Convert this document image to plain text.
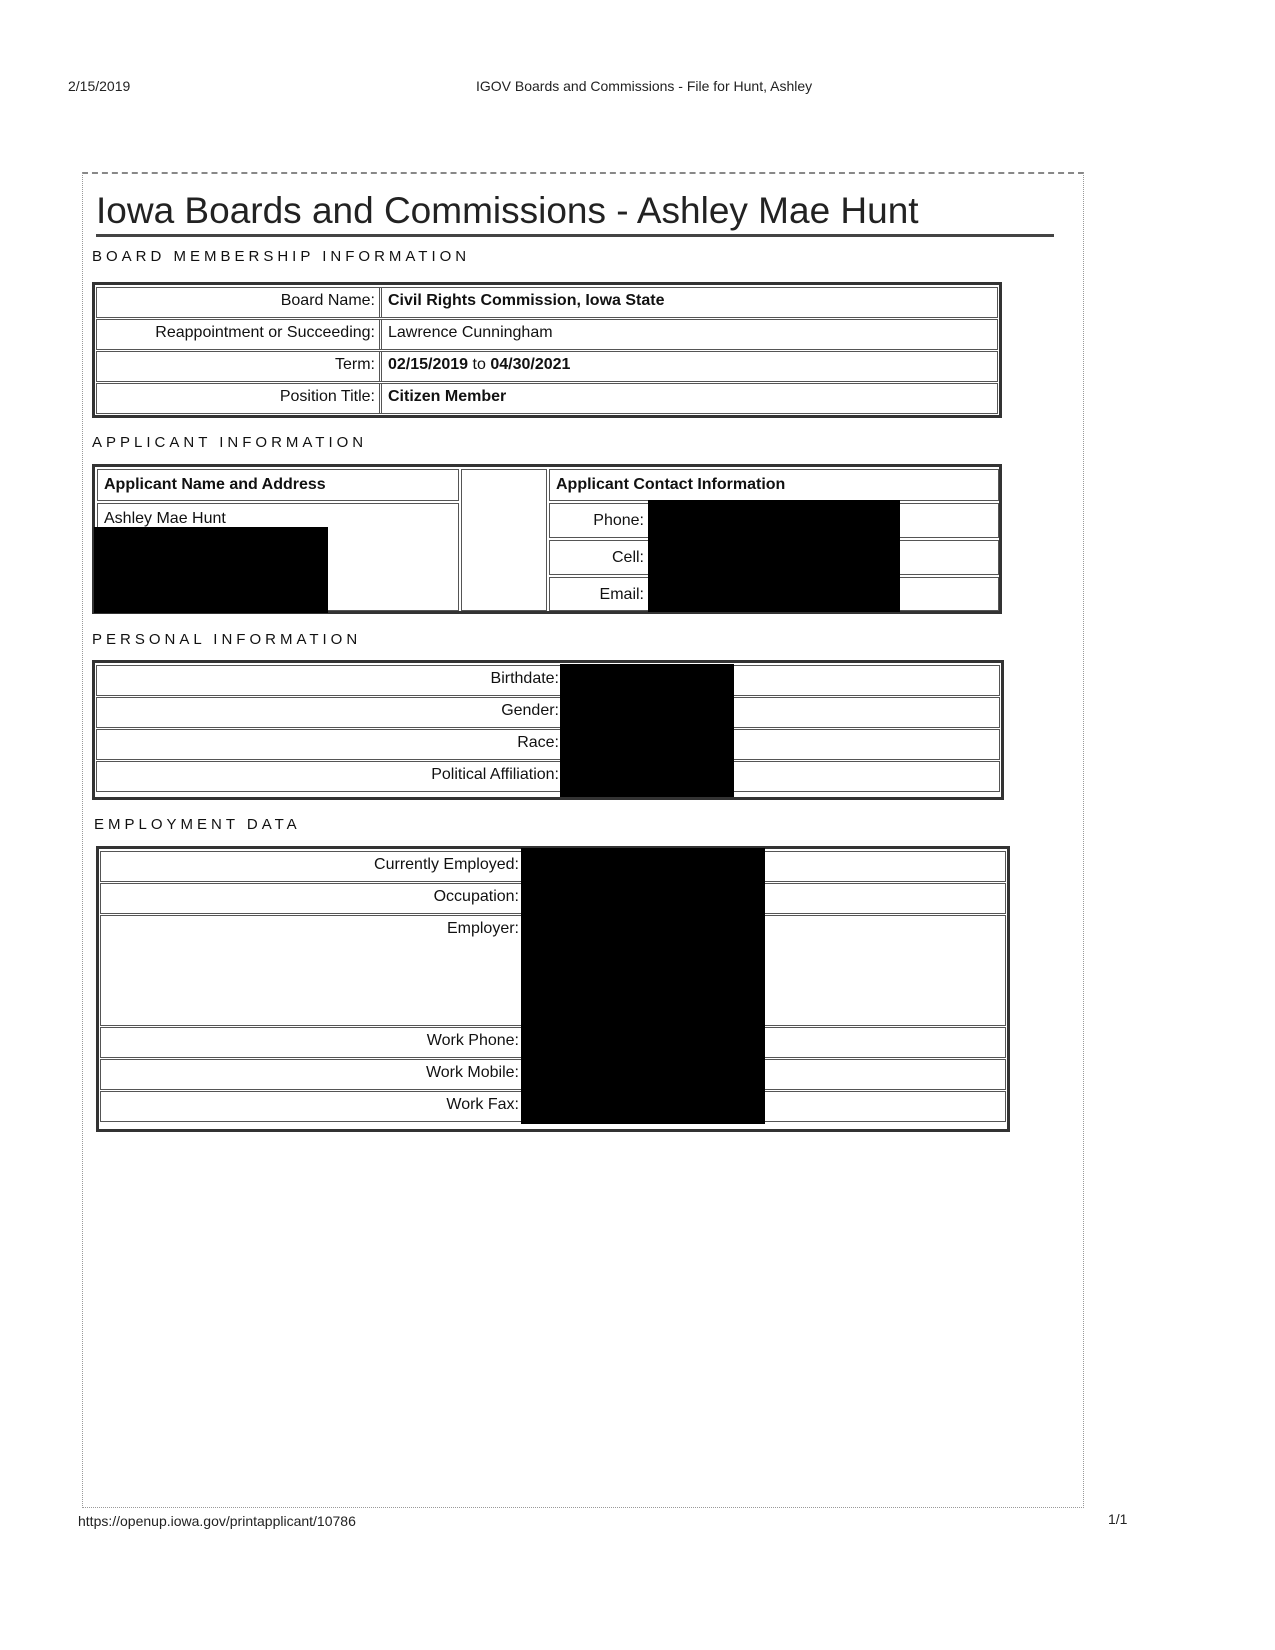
2/15/2019	IGOV Boards and Commissions - File for Hunt, Ashley
Iowa Boards and Commissions - Ashley Mae Hunt
BOARD MEMBERSHIP INFORMATION
Board Name: Civil Rights Commission, Iowa State
Reappointment or Succeeding: Lawrence Cunningham
Term: 02/15/2019 to 04/30/2021
Position Title: Citizen Member
APPLICANT INFORMATION
Applicant Name and Address
Ashley Mae Hunt
Applicant Contact Information
Phone:
Cell:
Email:
PERSONAL INFORMATION
Birthdate:
Gender:
Race:
Political Affiliation:
EMPLOYMENT DATA
Currently Employed:
Occupation:
Employer:
Work Phone:
Work Mobile:
Work Fax:
https://openup.iowa.gov/printapplicant/10786	1/1
